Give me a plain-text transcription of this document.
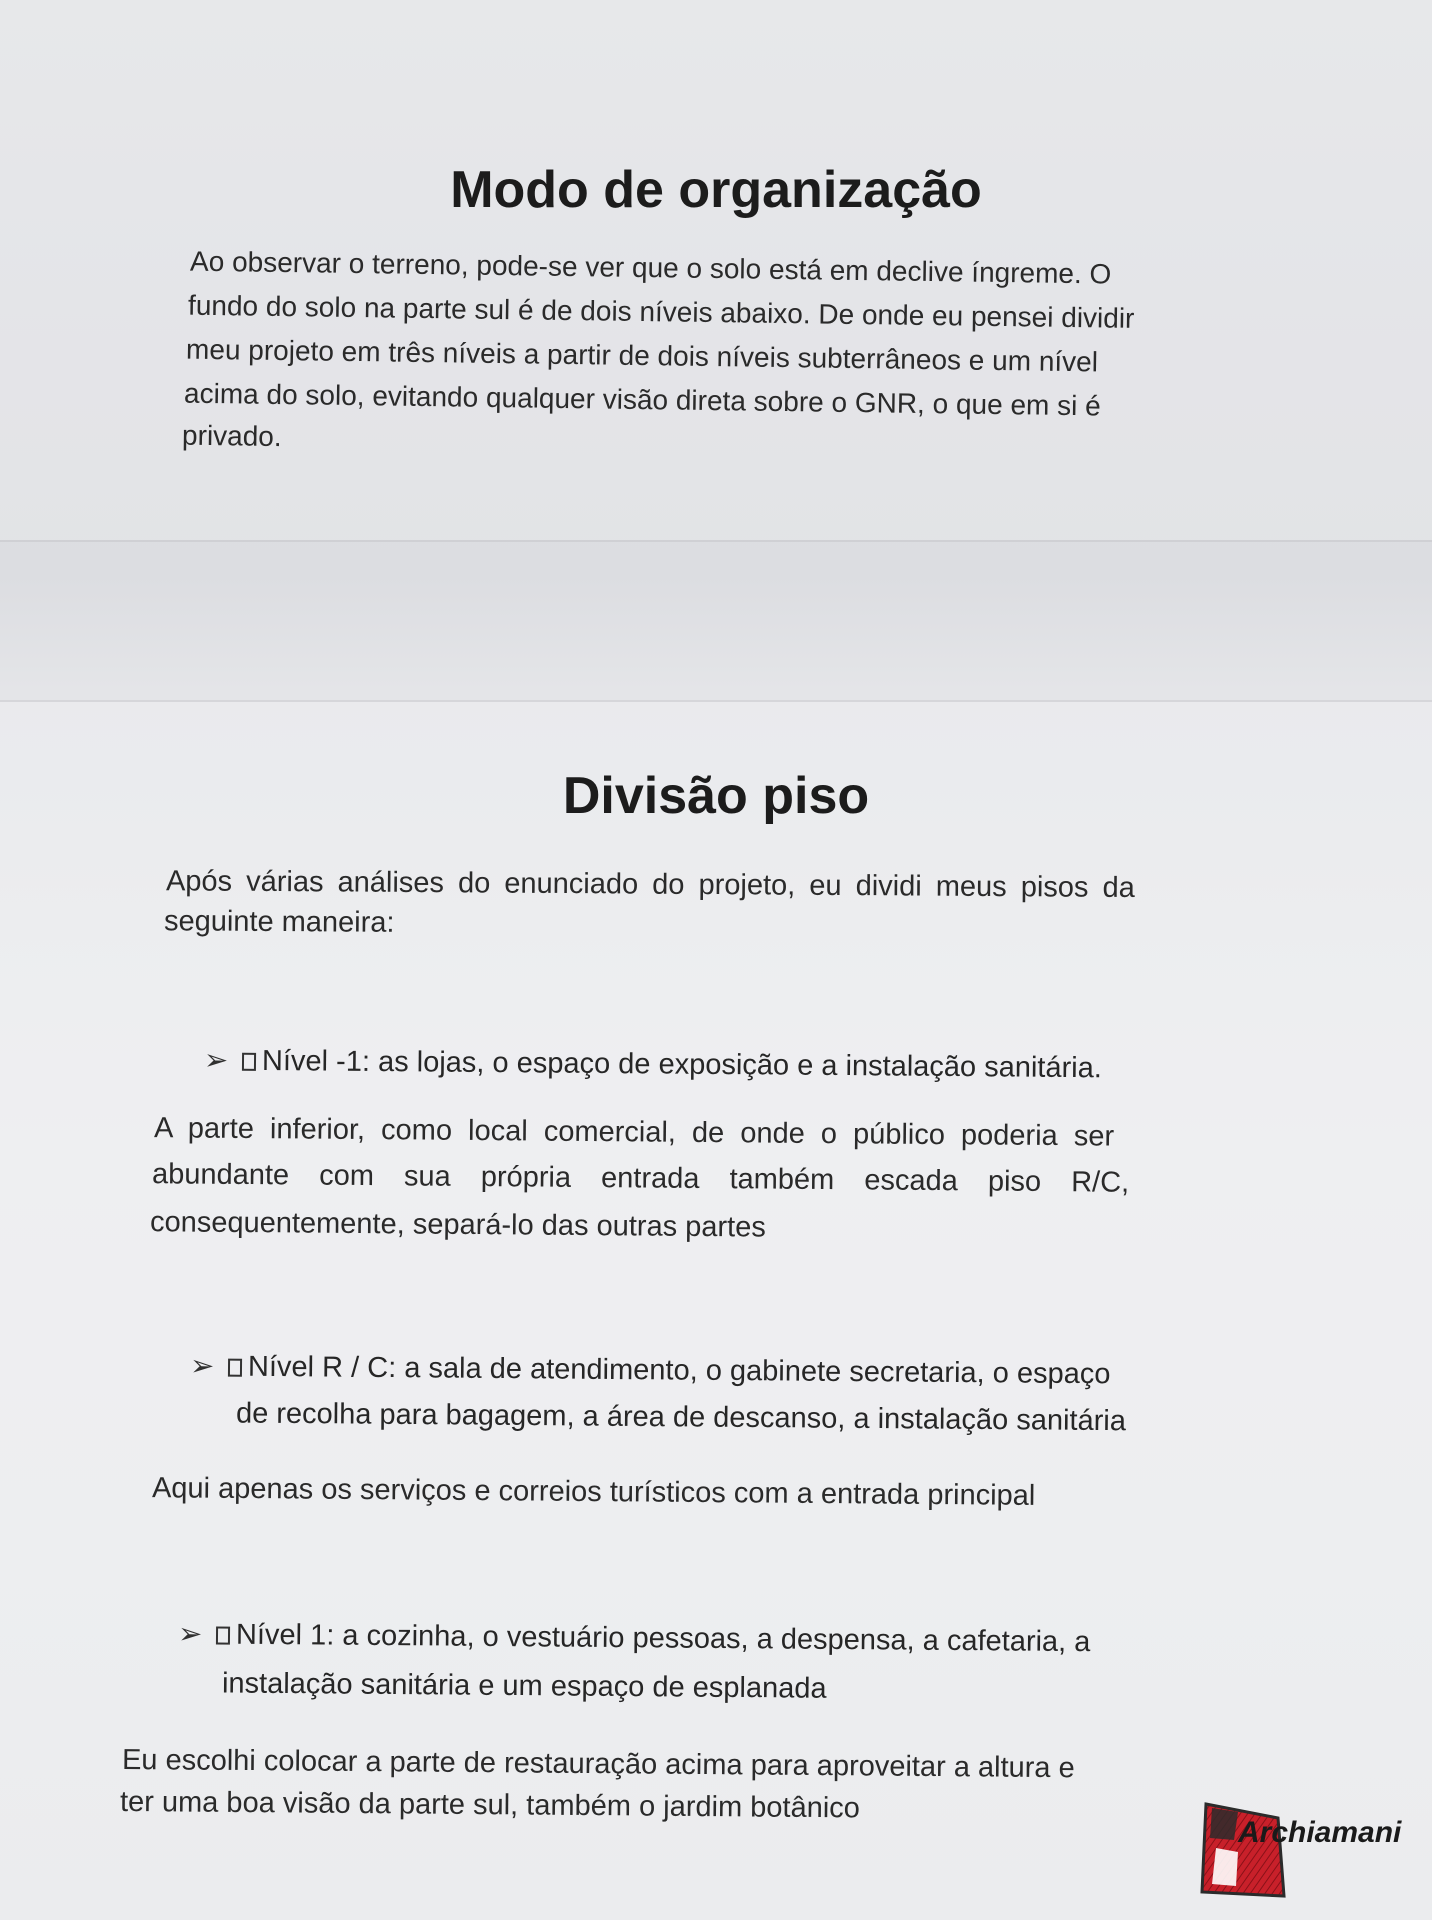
Modo de organização

Ao observar o terreno, pode-se ver que o solo está em declive íngreme. O

fundo do solo na parte sul é de dois níveis abaixo. De onde eu pensei dividir

meu projeto em três níveis a partir de dois níveis subterrâneos e um nível

acima do solo, evitando qualquer visão direta sobre o GNR, o que em si é

privado.

Divisão piso

Após várias análises do enunciado do projeto, eu dividi meus pisos da

seguinte maneira:

➢ Nível -1: as lojas, o espaço de exposição e a instalação sanitária.

A parte inferior, como local comercial, de onde o público poderia ser

abundante com sua própria entrada também escada piso R/C,

consequentemente, separá-lo das outras partes

➢ Nível R / C: a sala de atendimento, o gabinete secretaria, o espaço

de recolha para bagagem, a área de descanso, a instalação sanitária

Aqui apenas os serviços e correios turísticos com a entrada principal

➢ Nível 1: a cozinha, o vestuário pessoas, a despensa, a cafetaria, a

instalação sanitária e um espaço de esplanada

Eu escolhi colocar a parte de restauração acima para aproveitar a altura e

ter uma boa visão da parte sul, também o jardim botânico

Archiamani
